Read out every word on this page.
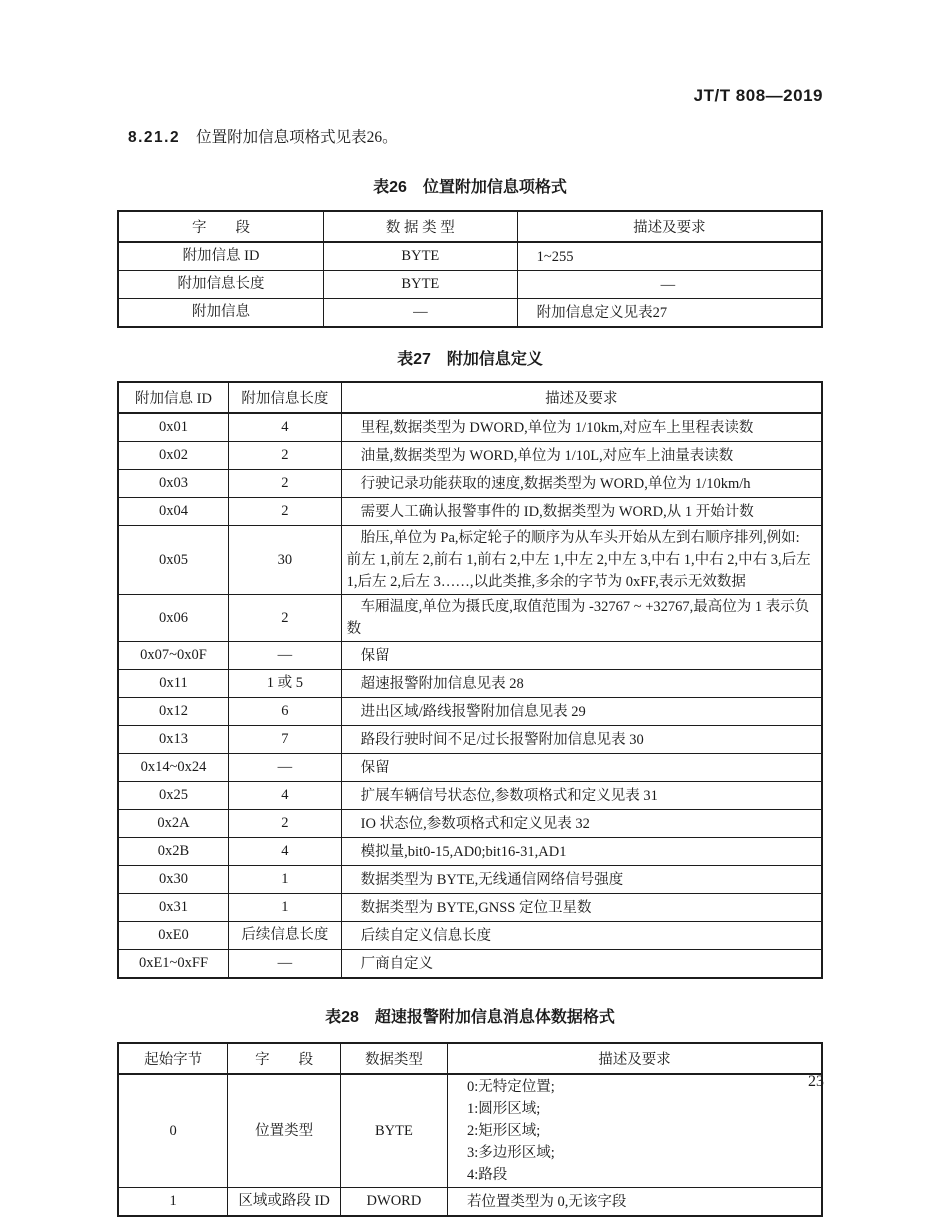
JT/T 808—2019

8.21.2 位置附加信息项格式见表26。

表26　位置附加信息项格式
字　　段	数 据 类 型	描述及要求
附加信息 ID	BYTE	1~255

附加信息长度	BYTE	—

附加信息	—	附加信息定义见表27
表27　附加信息定义
附加信息 ID	附加信息长度	描述及要求
0x01	4	里程,数据类型为 DWORD,单位为 1/10km,对应车上里程表读数

0x02	2	油量,数据类型为 WORD,单位为 1/10L,对应车上油量表读数

0x03	2	行驶记录功能获取的速度,数据类型为 WORD,单位为 1/10km/h

0x04	2	需要人工确认报警事件的 ID,数据类型为 WORD,从 1 开始计数

0x05	30	胎压,单位为 Pa,标定轮子的顺序为从车头开始从左到右顺序排列,例如:前左 1,前左 2,前右 1,前右 2,中左 1,中左 2,中左 3,中右 1,中右 2,中右 3,后左 1,后左 2,后左 3……,以此类推,多余的字节为 0xFF,表示无效数据

0x06	2	车厢温度,单位为摄氏度,取值范围为 -32767 ~ +32767,最高位为 1 表示负数

0x07~0x0F	—	保留

0x11	1 或 5	超速报警附加信息见表 28

0x12	6	进出区域/路线报警附加信息见表 29

0x13	7	路段行驶时间不足/过长报警附加信息见表 30

0x14~0x24	—	保留

0x25	4	扩展车辆信号状态位,参数项格式和定义见表 31

0x2A	2	IO 状态位,参数项格式和定义见表 32

0x2B	4	模拟量,bit0-15,AD0;bit16-31,AD1

0x30	1	数据类型为 BYTE,无线通信网络信号强度

0x31	1	数据类型为 BYTE,GNSS 定位卫星数

0xE0	后续信息长度	后续自定义信息长度

0xE1~0xFF	—	厂商自定义
表28　超速报警附加信息消息体数据格式
起始字节	字　　段	数据类型	描述及要求
0	位置类型	BYTE	0:无特定位置;
1:圆形区域;
2:矩形区域;
3:多边形区域;
4:路段

1	区域或路段 ID	DWORD	若位置类型为 0,无该字段
23
